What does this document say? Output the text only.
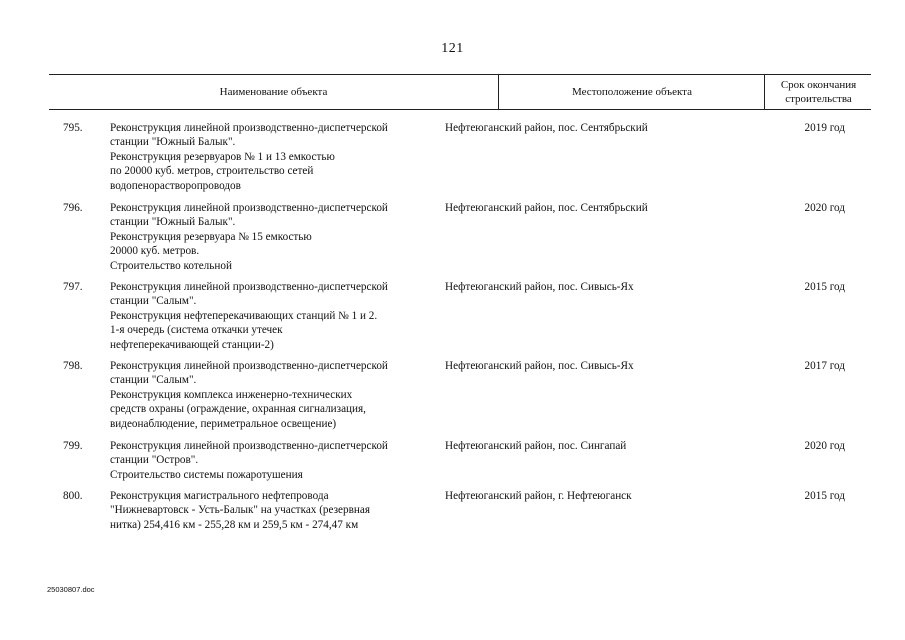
121
Наименование объекта	Местоположение объекта
Срок окончания
строительства
795.	Реконструкция линейной производственно-диспетчерской
станции "Южный Балык".
Реконструкция резервуаров № 1 и 13 емкостью
по 20000 куб. метров, строительство сетей
водопенорастворопроводов
Нефтеюганский район, пос. Сентябрьский	2019 год
796.	Реконструкция линейной производственно-диспетчерской
станции "Южный Балык".
Реконструкция резервуара № 15 емкостью
20000 куб. метров.
Строительство котельной
Нефтеюганский район, пос. Сентябрьский	2020 год
797.	Реконструкция линейной производственно-диспетчерской
станции "Салым".
Реконструкция нефтеперекачивающих станций № 1 и 2.
1-я очередь (система откачки утечек
нефтеперекачивающей станции-2)
Нефтеюганский район, пос. Сивысь-Ях	2015 год
798.	Реконструкция линейной производственно-диспетчерской
станции "Салым".
Реконструкция комплекса инженерно-технических
средств охраны (ограждение, охранная сигнализация,
видеонаблюдение, периметральное освещение)
Нефтеюганский район, пос. Сивысь-Ях	2017 год
799.	Реконструкция линейной производственно-диспетчерской
станции "Остров".
Строительство системы пожаротушения
Нефтеюганский район, пос. Сингапай	2020 год
800.	Реконструкция магистрального нефтепровода
"Нижневартовск - Усть-Балык" на участках (резервная
нитка) 254,416 км - 255,28 км и 259,5 км - 274,47 км
Нефтеюганский район, г. Нефтеюганск	2015 год
25030807.doc
